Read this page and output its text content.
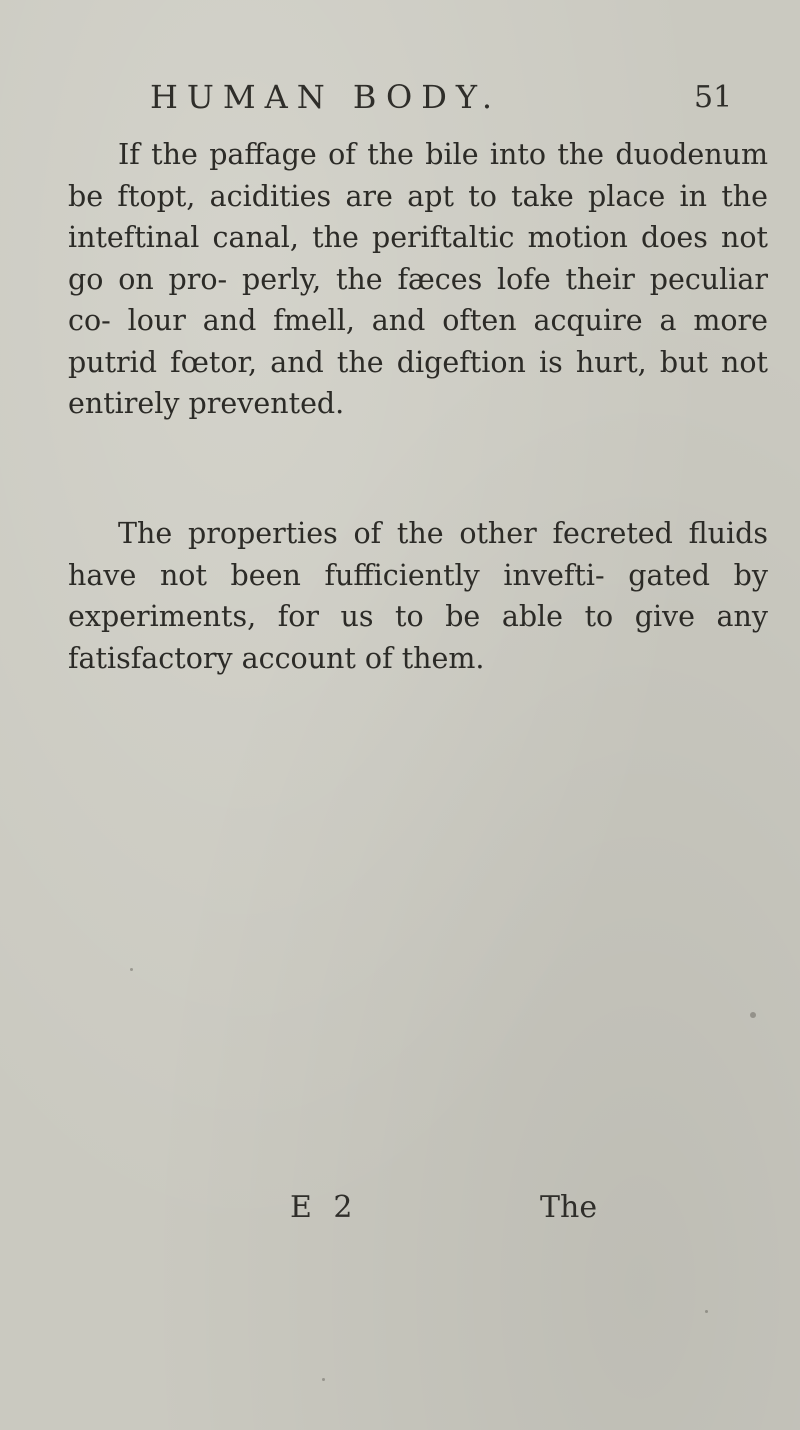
HUMAN BODY.	51

If the paffage of the bile into the duodenum be ftopt, acidities are apt to take place in the inteftinal canal, the periftaltic motion does not go on pro- perly, the fæces lofe their peculiar co- lour and fmell, and often acquire a more putrid fœtor, and the digeftion is hurt, but not entirely prevented.

The properties of the other fecreted fluids have not been fufficiently invefti- gated by experiments, for us to be able to give any fatisfactory account of them.

E 2	The
